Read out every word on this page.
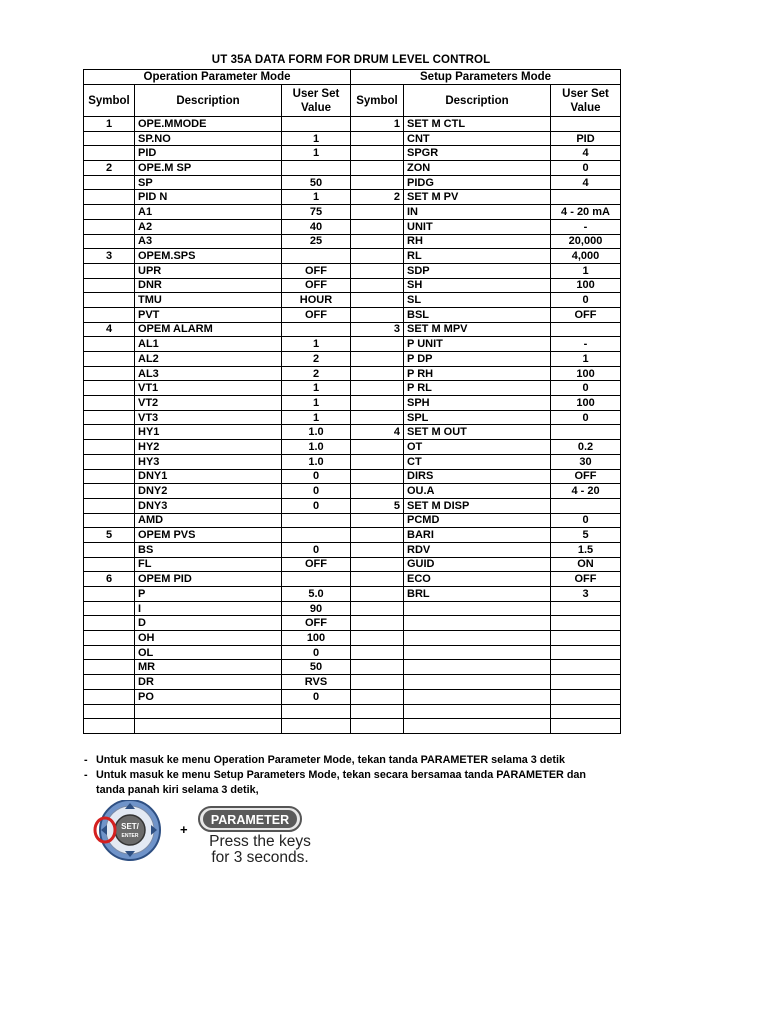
UT 35A DATA FORM FOR DRUM LEVEL CONTROL
Operation Parameter Mode			Setup Parameters Mode		
Symbol	Description	User Set Value	Symbol	Description	User Set Value
1	OPE.MMODE		1	SET M CTL	
	SP.NO	1		CNT	PID
	PID	1		SPGR	4
2	OPE.M SP			ZON	0
	SP	50		PIDG	4
	PID N	1	2	SET M PV	
	A1	75		IN	4 - 20 mA
	A2	40		UNIT	-
	A3	25		RH	20,000
3	OPEM.SPS			RL	4,000
	UPR	OFF		SDP	1
	DNR	OFF		SH	100
	TMU	HOUR		SL	0
	PVT	OFF		BSL	OFF
4	OPEM ALARM		3	SET M MPV	
	AL1	1		P UNIT	-
	AL2	2		P DP	1
	AL3	2		P RH	100
	VT1	1		P RL	0
	VT2	1		SPH	100
	VT3	1		SPL	0
	HY1	1.0	4	SET M OUT	
	HY2	1.0		OT	0.2
	HY3	1.0		CT	30
	DNY1	0		DIRS	OFF
	DNY2	0		OU.A	4 - 20
	DNY3	0	5	SET M DISP	
	AMD			PCMD	0
5	OPEM PVS			BARI	5
	BS	0		RDV	1.5
	FL	OFF		GUID	ON
6	OPEM PID			ECO	OFF
	P	5.0		BRL	3
	I	90			
	D	OFF			
	OH	100			
	OL	0			
	MR	50			
	DR	RVS			
	PO	0			

- Untuk masuk ke menu Operation Parameter Mode, tekan tanda PARAMETER selama 3 detik
- Untuk masuk ke menu Setup Parameters Mode, tekan secara bersamaa tanda PARAMETER dan
tanda panah kiri selama 3 detik,
SET/
ENTER
PARAMETER
+
Press the keys
for 3 seconds.
